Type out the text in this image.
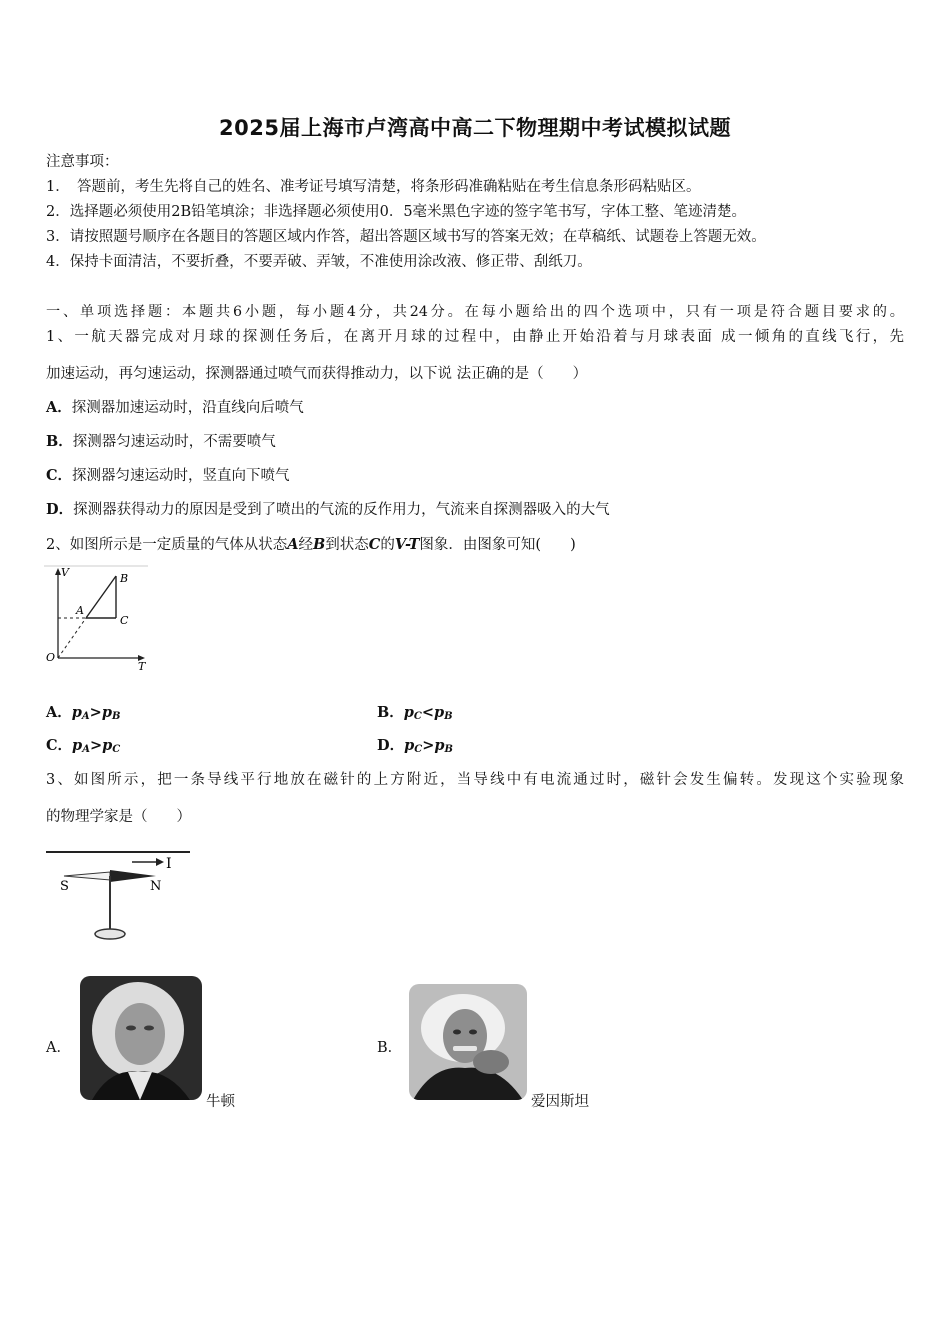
2025届上海市卢湾高中高二下物理期中考试模拟试题
注意事项：
1．　答题前，考生先将自己的姓名、准考证号填写清楚，将条形码准确粘贴在考生信息条形码粘贴区。
2．选择题必须使用2B铅笔填涂；非选择题必须使用0．5毫米黑色字迹的签字笔书写，字体工整、笔迹清楚。
3．请按照题号顺序在各题目的答题区域内作答，超出答题区域书写的答案无效；在草稿纸、试题卷上答题无效。
4．保持卡面清洁，不要折叠，不要弄破、弄皱，不准使用涂改液、修正带、刮纸刀。
一、单项选择题：本题共6小题，每小题4分，共24分。在每小题给出的四个选项中，只有一项是符合题目要求的。
1、一航天器完成对月球的探测任务后，在离开月球的过程中，由静止开始沿着与月球表面 成一倾角的直线飞行，先
加速运动，再匀速运动，探测器通过喷气而获得推动力，以下说 法正确的是（　　）
A．探测器加速运动时，沿直线向后喷气
B．探测器匀速运动时，不需要喷气
C．探测器匀速运动时，竖直向下喷气
D．探测器获得动力的原因是受到了喷出的气流的反作用力，气流来自探测器吸入的大气
2、如图所示是一定质量的气体从状态A经B到状态C的V-T图象．由图象可知(　　)
V
T
O
A
B
C
A．$p_A>p_B$	B．$p_C<p_B$
C．$p_A>p_C$	D．$p_C>p_B$
3、如图所示，把一条导线平行地放在磁针的上方附近，当导线中有电流通过时，磁针会发生偏转。发现这个实验现象
的物理学家是（　　）
I
S	N
A．
牛顿
B．
爱因斯坦
